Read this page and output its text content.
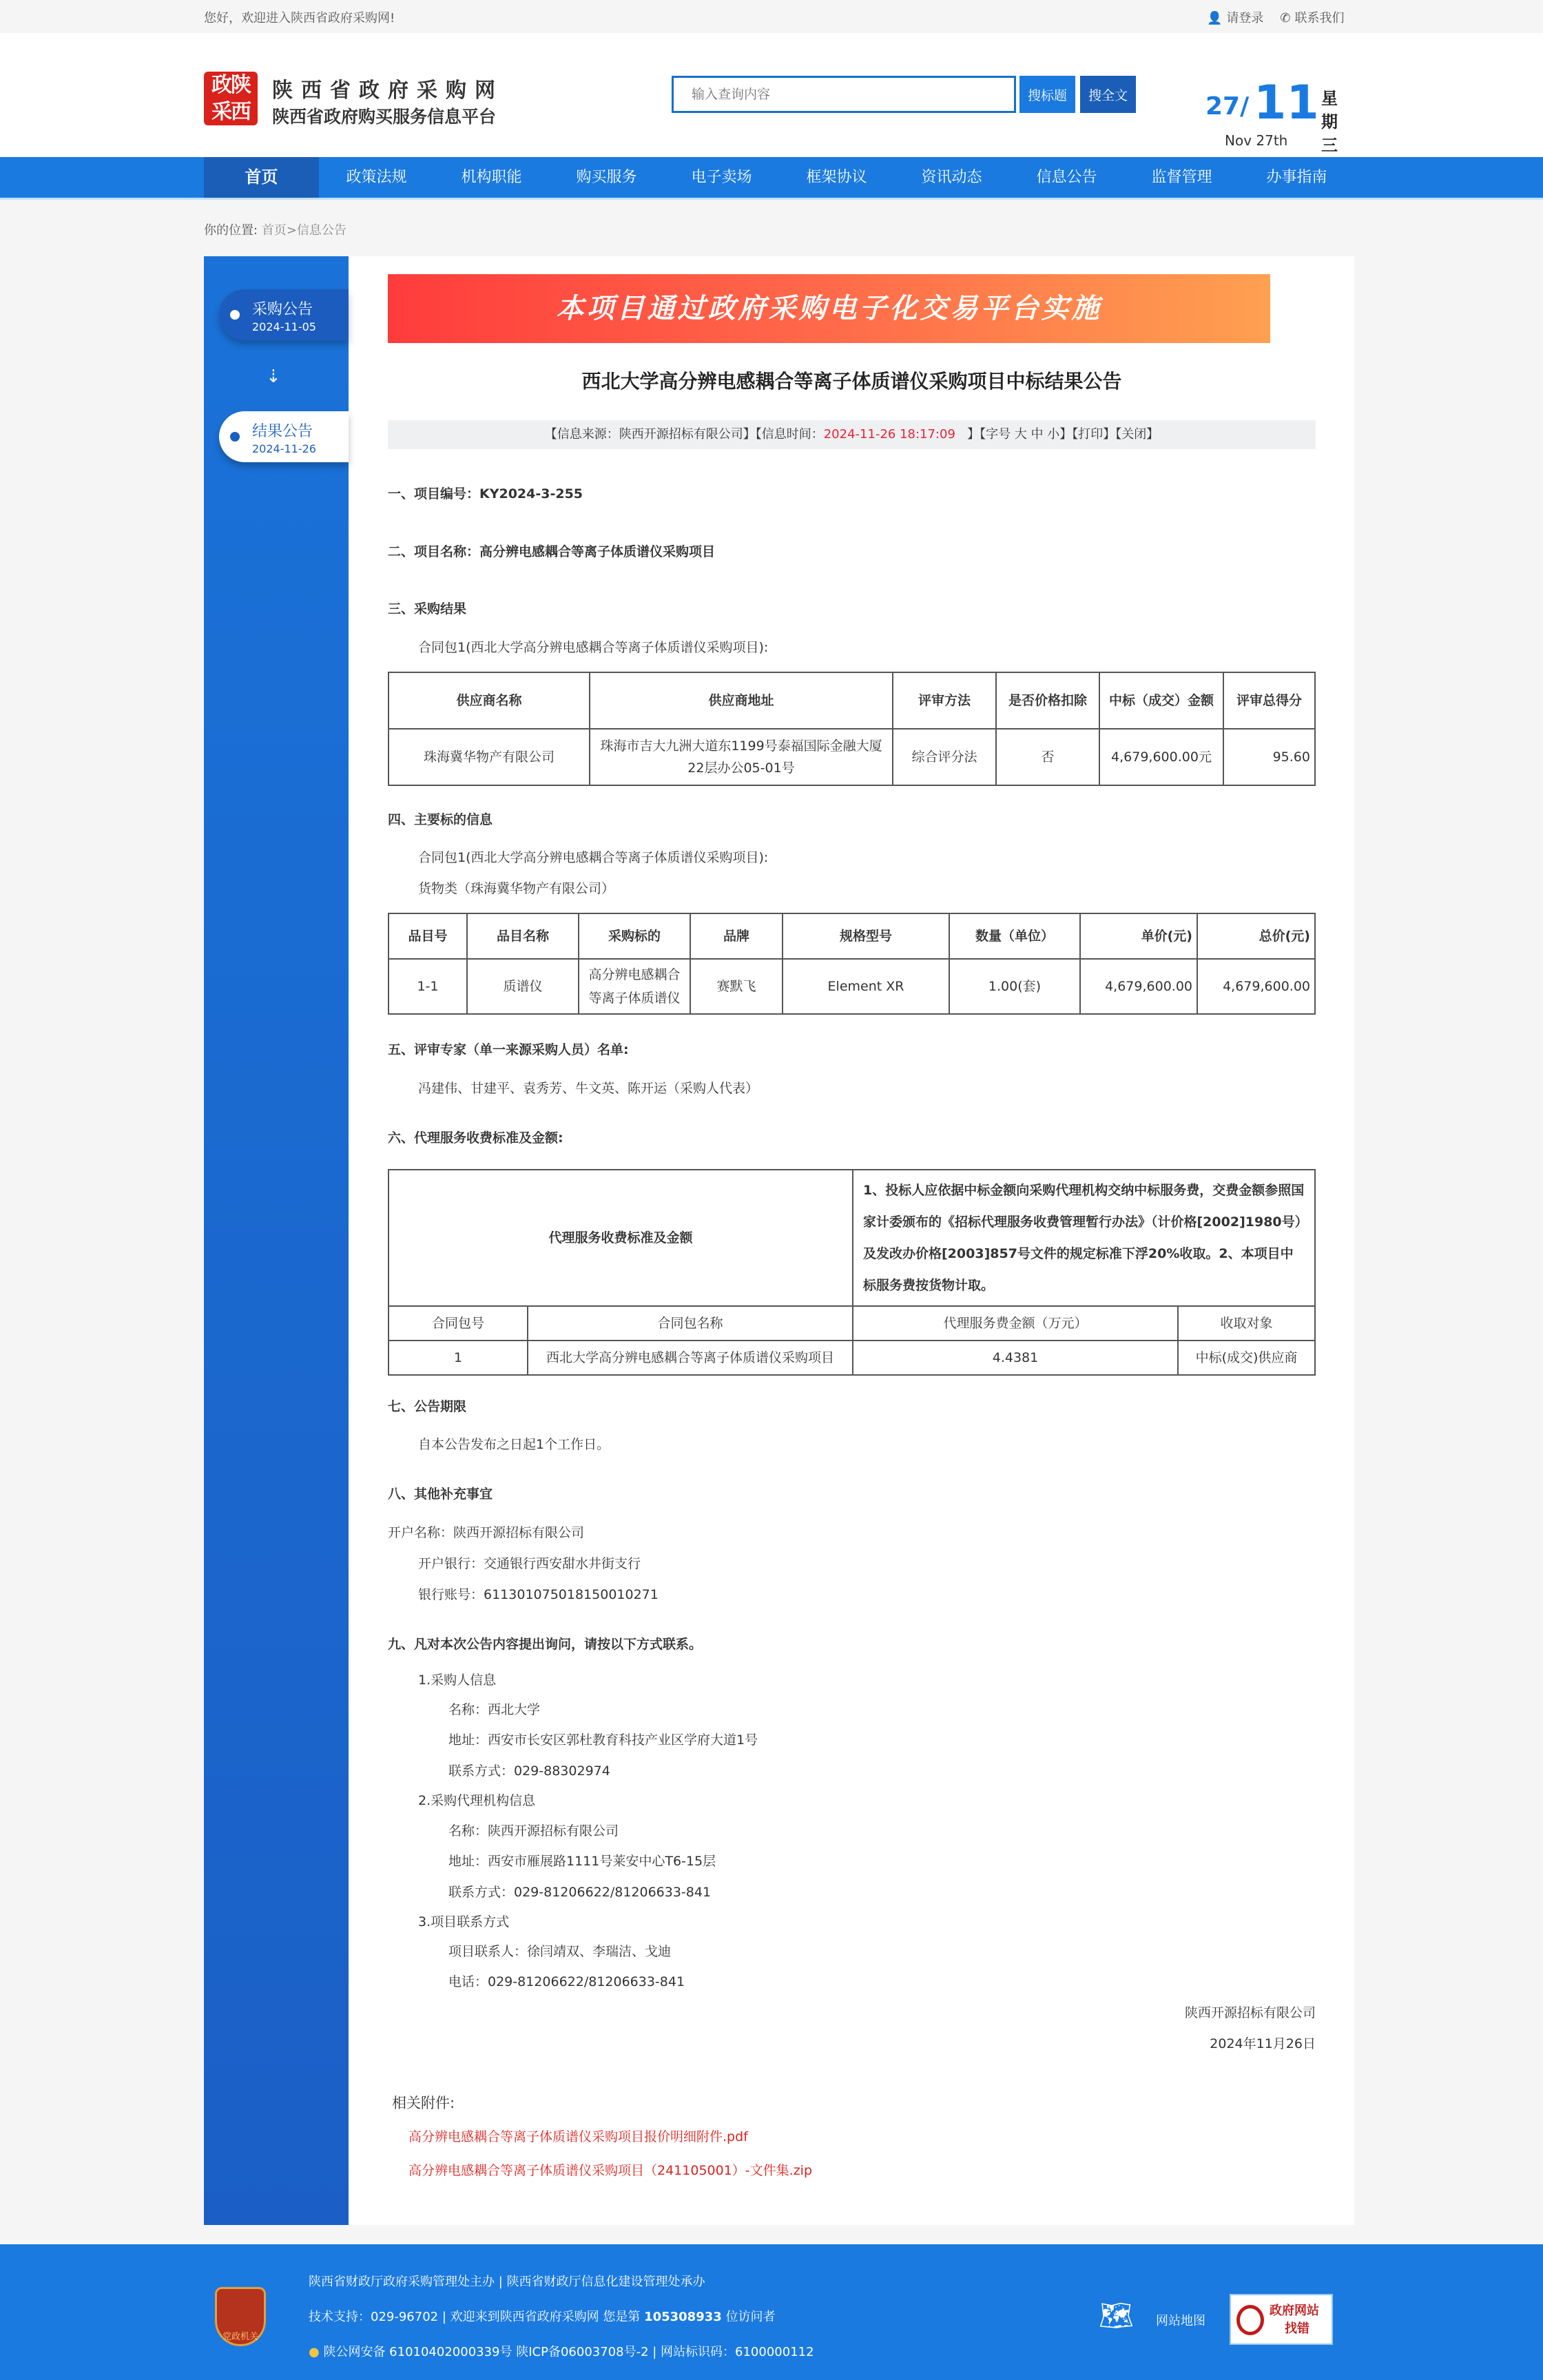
您好，欢迎进入陕西省政府采购网!	👤 请登录 ✆ 联系我们
政陕
采西
陕西省政府采购网
陕西省政府购买服务信息平台
输入查询内容
搜标题	搜全文	27/ 11
Nov 27th
星期三
首页	政策法规	机构职能	购买服务	电子卖场	框架协议	资讯动态	信息公告	监督管理	办事指南
你的位置: 首页>信息公告
采购公告
2024-11-05
⇣
结果公告
2024-11-26
本项目通过政府采购电子化交易平台实施
西北大学高分辨电感耦合等离子体质谱仪采购项目中标结果公告
【信息来源：陕西开源招标有限公司】【信息时间：2024-11-26 18:17:09 】【字号 大 中 小】【打印】【关闭】
一、项目编号：KY2024-3-255
二、项目名称：高分辨电感耦合等离子体质谱仪采购项目
三、采购结果
合同包1(西北大学高分辨电感耦合等离子体质谱仪采购项目):
供应商名称	供应商地址	评审方法	是否价格扣除	中标（成交）金额	评审总得分
珠海冀华物产有限公司	珠海市吉大九洲大道东1199号泰福国际金融大厦22层办公05-01号	综合评分法	否	4,679,600.00元	95.60
四、主要标的信息
合同包1(西北大学高分辨电感耦合等离子体质谱仪采购项目):
货物类（珠海冀华物产有限公司）
品目号	品目名称	采购标的	品牌	规格型号	数量（单位）	单价(元)	总价(元)
1-1	质谱仪	高分辨电感耦合等离子体质谱仪	赛默飞	Element XR	1.00(套)	4,679,600.00	4,679,600.00
五、评审专家（单一来源采购人员）名单:
冯建伟、甘建平、袁秀芳、牛文英、陈开运（采购人代表）
六、代理服务收费标准及金额:
代理服务收费标准及金额		1、投标人应依据中标金额向采购代理机构交纳中标服务费，交费金额参照国家计委颁布的《招标代理服务收费管理暂行办法》（计价格[2002]1980号）及发改办价格[2003]857号文件的规定标准下浮20%收取。2、本项目中标服务费按货物计取。	
合同包号	合同包名称	代理服务费金额（万元）	收取对象
1	西北大学高分辨电感耦合等离子体质谱仪采购项目	4.4381	中标(成交)供应商
七、公告期限
自本公告发布之日起1个工作日。
八、其他补充事宜
开户名称：陕西开源招标有限公司
开户银行：交通银行西安甜水井街支行
银行账号：611301075018150010271
九、凡对本次公告内容提出询问，请按以下方式联系。
1.采购人信息
名称：西北大学
地址：西安市长安区郭杜教育科技产业区学府大道1号
联系方式：029-88302974
2.采购代理机构信息
名称：陕西开源招标有限公司
地址：西安市雁展路1111号莱安中心T6-15层
联系方式：029-81206622/81206633-841
3.项目联系方式
项目联系人：徐闫靖双、李瑞洁、戈迪
电话：029-81206622/81206633-841
陕西开源招标有限公司
2024年11月26日
相关附件:
高分辨电感耦合等离子体质谱仪采购项目报价明细附件.pdf
高分辨电感耦合等离子体质谱仪采购项目（241105001）-文件集.zip
党政机关
陕西省财政厅政府采购管理处主办 | 陕西省财政厅信息化建设管理处承办
技术支持：029-96702 | 欢迎来到陕西省政府采购网 您是第 105308933 位访问者
● 陕公网安备 61010402000339号 陕ICP备06003708号-2 | 网站标识码：6100000112
🗺 网站地图
政府网站
找错
